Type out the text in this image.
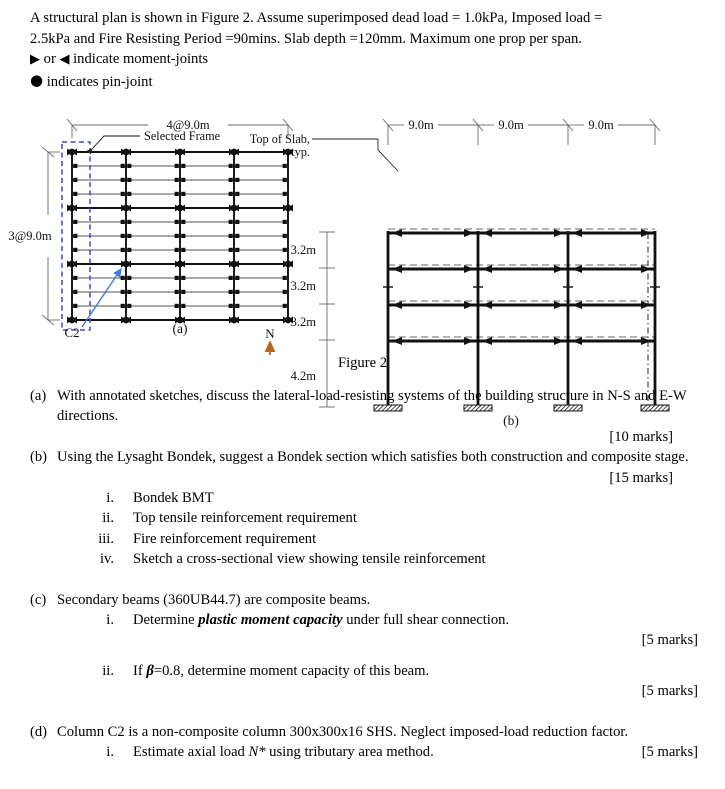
A structural plan is shown in Figure 2. Assume superimposed dead load = 1.0kPa, Imposed load =
2.5kPa and Fire Resisting Period =90mins. Slab depth =120mm. Maximum one prop per span.
▶ or ◀ indicate moment-joints
● indicates pin-joint
4@9.0m
3@9.0m
Selected Frame
C2	(a)	N
9.0m	9.0m	9.0m
3.2m
3.2m
3.2m
4.2m
Top of Slab,
typ.
(b)
Figure 2
(a) With annotated sketches, discuss the lateral-load-resisting systems of the building structure in N-S and E-W directions.
[10 marks]
(b) Using the Lysaght Bondek, suggest a Bondek section which satisfies both construction and composite stage.
[15 marks]
i. Bondek BMT
ii. Top tensile reinforcement requirement
iii. Fire reinforcement requirement
iv. Sketch a cross-sectional view showing tensile reinforcement
(c) Secondary beams (360UB44.7) are composite beams.
i. Determine plastic moment capacity under full shear connection.
[5 marks]
ii. If β=0.8, determine moment capacity of this beam.
[5 marks]
(d) Column C2 is a non-composite column 300x300x16 SHS. Neglect imposed-load reduction factor.
i. Estimate axial load N* using tributary area method.	[5 marks]
